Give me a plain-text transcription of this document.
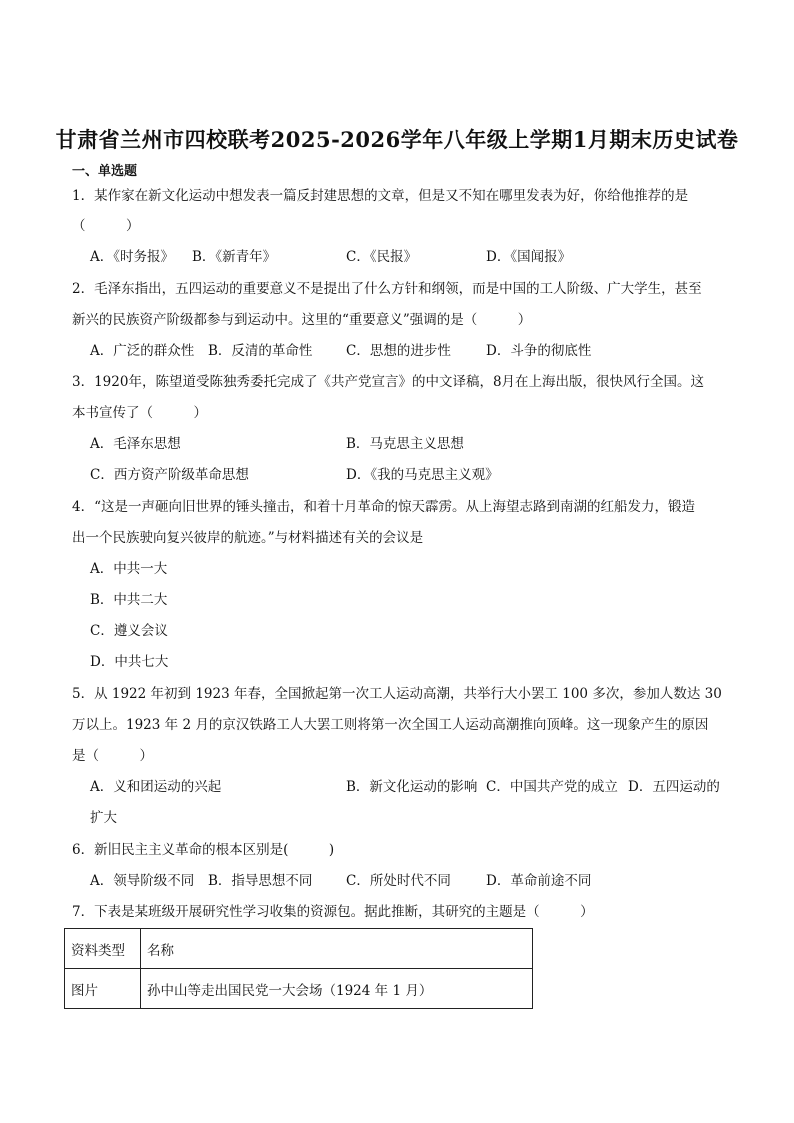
甘肃省兰州市四校联考2025-2026学年八年级上学期1月期末历史试卷
一、单选题
1．某作家在新文化运动中想发表一篇反封建思想的文章，但是又不知在哪里发表为好，你给他推荐的是
（　　　）
A．《时务报》 B．《新青年》	C．《民报》	D．《国闻报》
2．毛泽东指出，五四运动的重要意义不是提出了什么方针和纲领，而是中国的工人阶级、广大学生，甚至
新兴的民族资产阶级都参与到运动中。这里的“重要意义”强调的是（　　　）
A．广泛的群众性 B．反清的革命性 C．思想的进步性	D．斗争的彻底性
3．1920年，陈望道受陈独秀委托完成了《共产党宣言》的中文译稿，8月在上海出版，很快风行全国。这
本书宣传了（　　　）
A．毛泽东思想	B．马克思主义思想
C．西方资产阶级革命思想	D．《我的马克思主义观》
4．“这是一声砸向旧世界的锤头撞击，和着十月革命的惊天霹雳。从上海望志路到南湖的红船发力，锻造
出一个民族驶向复兴彼岸的航迹。”与材料描述有关的会议是
A．中共一大
B．中共二大
C．遵义会议
D．中共七大
5．从 1922 年初到 1923 年春，全国掀起第一次工人运动高潮，共举行大小罢工 100 多次，参加人数达 30
万以上。1923 年 2 月的京汉铁路工人大罢工则将第一次全国工人运动高潮推向顶峰。这一现象产生的原因
是（　　　）
A．义和团运动的兴起	B．新文化运动的影响 C．中国共产党的成立 D．五四运动的
扩大
6．新旧民主主义革命的根本区别是(　　　)
A．领导阶级不同 B．指导思想不同 C．所处时代不同	D．革命前途不同
7．下表是某班级开展研究性学习收集的资源包。据此推断，其研究的主题是（　　　）
资料类型	名称
图片	孙中山等走出国民党一大会场（1924 年 1 月）
